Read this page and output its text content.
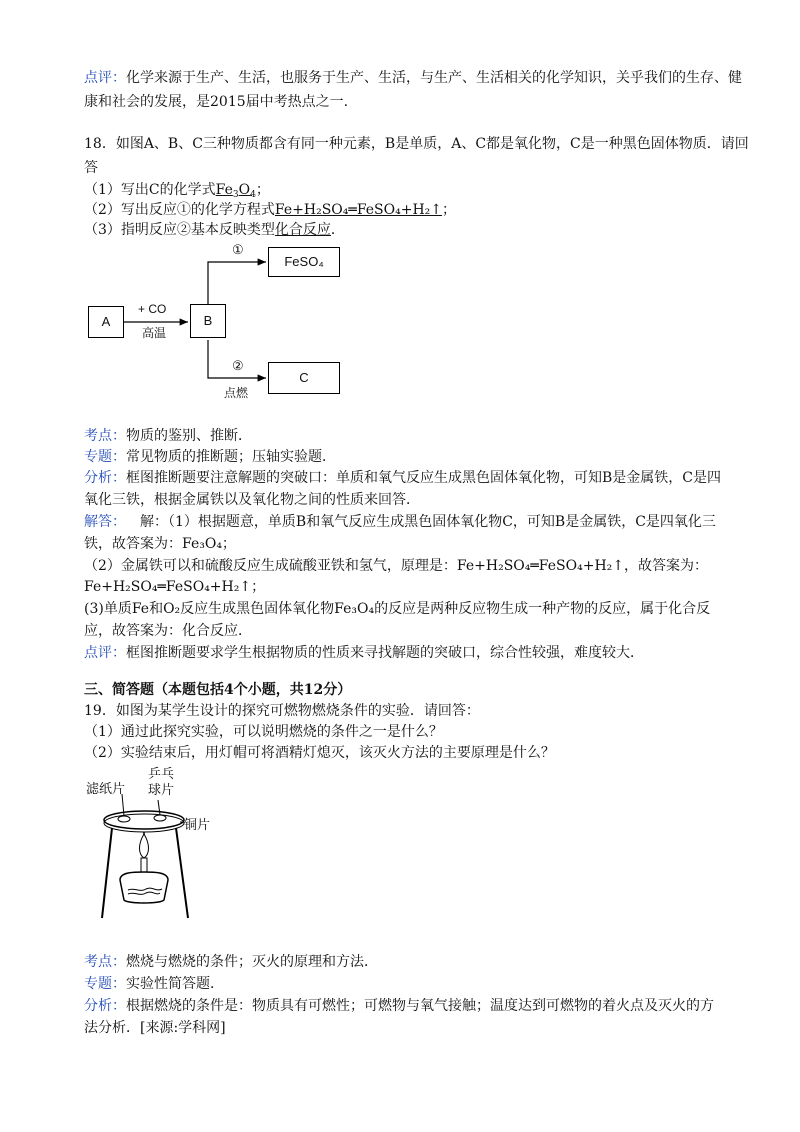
点评：化学来源于生产、生活，也服务于生产、生活，与生产、生活相关的化学知识，关乎我们的生存、健
康和社会的发展，是2015届中考热点之一.
18．如图A、B、C三种物质都含有同一种元素，B是单质，A、C都是氧化物，C是一种黑色固体物质．请回
答
（1）写出C的化学式$Fe_3O_4$；
（2）写出反应①的化学方程式Fe+H₂SO₄═FeSO₄+H₂↑；
（3）指明反应②基本反映类型化合反应．
A	B
FeSO₄
C
+ CO
高温
①
②
点燃
考点：物质的鉴别、推断．
专题：常见物质的推断题；压轴实验题．
分析：框图推断题要注意解题的突破口：单质和氧气反应生成黑色固体氧化物，可知B是金属铁，C是四
氧化三铁，根据金属铁以及氧化物之间的性质来回答．
解答： 解：（1）根据题意，单质B和氧气反应生成黑色固体氧化物C，可知B是金属铁，C是四氧化三
铁，故答案为：Fe₃O₄；
（2）金属铁可以和硫酸反应生成硫酸亚铁和氢气，原理是：Fe+H₂SO₄═FeSO₄+H₂↑，故答案为：
Fe+H₂SO₄═FeSO₄+H₂↑；
(3)单质Fe和O₂反应生成黑色固体氧化物Fe₃O₄的反应是两种反应物生成一种产物的反应，属于化合反
应，故答案为：化合反应．
点评：框图推断题要求学生根据物质的性质来寻找解题的突破口，综合性较强，难度较大．
三、简答题（本题包括4个小题，共12分）
19．如图为某学生设计的探究可燃物燃烧条件的实验．请回答：
（1）通过此探究实验，可以说明燃烧的条件之一是什么？
（2）实验结束后，用灯帽可将酒精灯熄灭，该灭火方法的主要原理是什么？
滤纸片
乒乓
球片
铜片
考点：燃烧与燃烧的条件；灭火的原理和方法．
专题：实验性简答题．
分析：根据燃烧的条件是：物质具有可燃性；可燃物与氧气接触；温度达到可燃物的着火点及灭火的方
法分析．[来源:学科网]
